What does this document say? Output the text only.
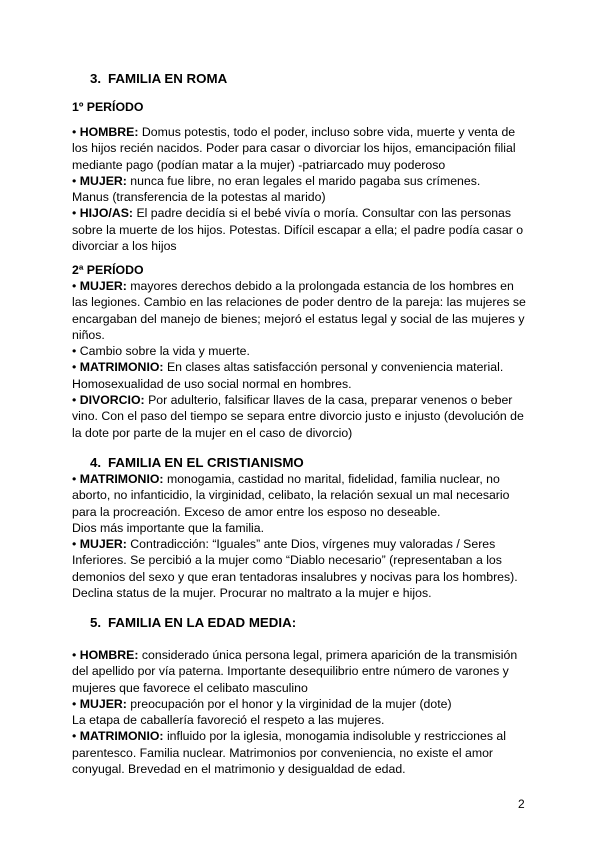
3. FAMILIA EN ROMA
1º PERÍODO

• HOMBRE: Domus potestis, todo el poder, incluso sobre vida, muerte y venta de los hijos recién nacidos. Poder para casar o divorciar los hijos, emancipación filial mediante pago (podían matar a la mujer) -patriarcado muy poderoso

• MUJER: nunca fue libre, no eran legales el marido pagaba sus crímenes.

Manus (transferencia de la potestas al marido)

• HIJO/AS: El padre decidía si el bebé vivía o moría. Consultar con las personas sobre la muerte de los hijos. Potestas. Difícil escapar a ella; el padre podía casar o divorciar a los hijos

2ª PERÍODO

• MUJER: mayores derechos debido a la prolongada estancia de los hombres en las legiones. Cambio en las relaciones de poder dentro de la pareja: las mujeres se encargaban del manejo de bienes; mejoró el estatus legal y social de las mujeres y niños.

• Cambio sobre la vida y muerte.

• MATRIMONIO: En clases altas satisfacción personal y conveniencia material. Homosexualidad de uso social normal en hombres.

• DIVORCIO: Por adulterio, falsificar llaves de la casa, preparar venenos o beber vino. Con el paso del tiempo se separa entre divorcio justo e injusto (devolución de la dote por parte de la mujer en el caso de divorcio)

4. FAMILIA EN EL CRISTIANISMO

• MATRIMONIO: monogamia, castidad no marital, fidelidad, familia nuclear, no aborto, no infanticidio, la virginidad, celibato, la relación sexual un mal necesario para la procreación. Exceso de amor entre los esposo no deseable.

Dios más importante que la familia.

• MUJER: Contradicción: “Iguales” ante Dios, vírgenes muy valoradas / Seres Inferiores. Se percibió a la mujer como “Diablo necesario” (representaban a los demonios del sexo y que eran tentadoras insalubres y nocivas para los hombres). Declina status de la mujer. Procurar no maltrato a la mujer e hijos.

5. FAMILIA EN LA EDAD MEDIA:

• HOMBRE: considerado única persona legal, primera aparición de la transmisión del apellido por vía paterna. Importante desequilibrio entre número de varones y mujeres que favorece el celibato masculino

• MUJER: preocupación por el honor y la virginidad de la mujer (dote)

La etapa de caballería favoreció el respeto a las mujeres.

• MATRIMONIO: influido por la iglesia, monogamia indisoluble y restricciones al parentesco. Familia nuclear. Matrimonios por conveniencia, no existe el amor conyugal. Brevedad en el matrimonio y desigualdad de edad.

2
